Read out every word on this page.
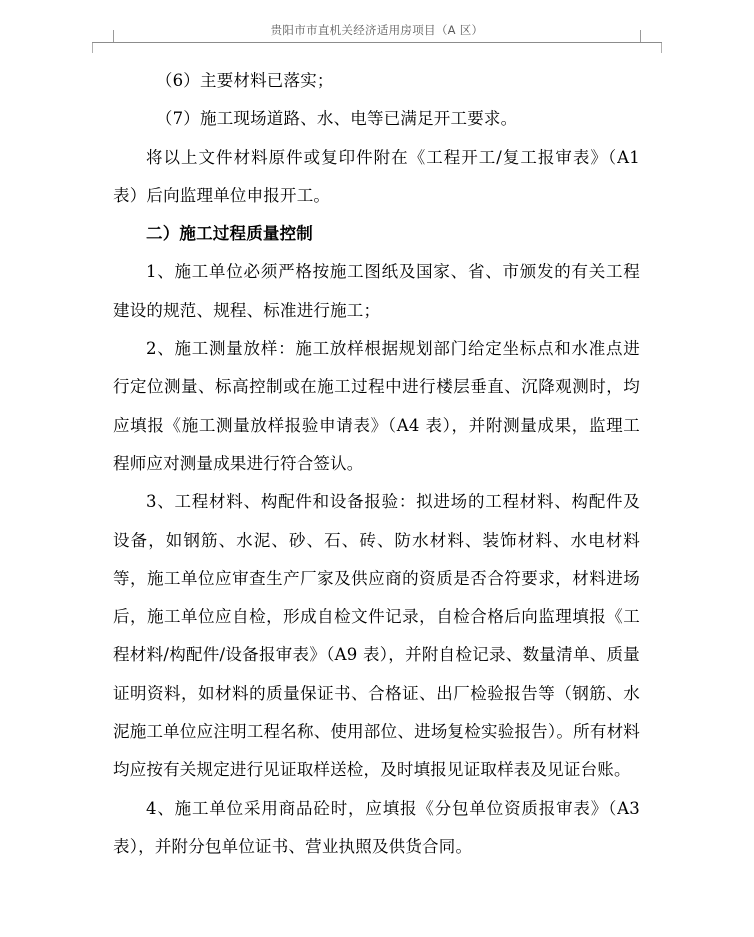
贵阳市市直机关经济适用房项目（A 区）

（6）主要材料已落实；

（7）施工现场道路、水、电等已满足开工要求。

将以上文件材料原件或复印件附在《工程开工/复工报审表》（A1 表）后向监理单位申报开工。

二）施工过程质量控制

1、施工单位必须严格按施工图纸及国家、省、市颁发的有关工程建设的规范、规程、标准进行施工；

2、施工测量放样：施工放样根据规划部门给定坐标点和水准点进行定位测量、标高控制或在施工过程中进行楼层垂直、沉降观测时，均应填报《施工测量放样报验申请表》（A4 表），并附测量成果，监理工程师应对测量成果进行符合签认。

3、工程材料、构配件和设备报验：拟进场的工程材料、构配件及设备，如钢筋、水泥、砂、石、砖、防水材料、装饰材料、水电材料等，施工单位应审查生产厂家及供应商的资质是否合符要求，材料进场后，施工单位应自检，形成自检文件记录，自检合格后向监理填报《工程材料/构配件/设备报审表》（A9 表），并附自检记录、数量清单、质量证明资料，如材料的质量保证书、合格证、出厂检验报告等（钢筋、水泥施工单位应注明工程名称、使用部位、进场复检实验报告）。所有材料均应按有关规定进行见证取样送检，及时填报见证取样表及见证台账。

4、施工单位采用商品砼时，应填报《分包单位资质报审表》（A3 表），并附分包单位证书、营业执照及供货合同。
